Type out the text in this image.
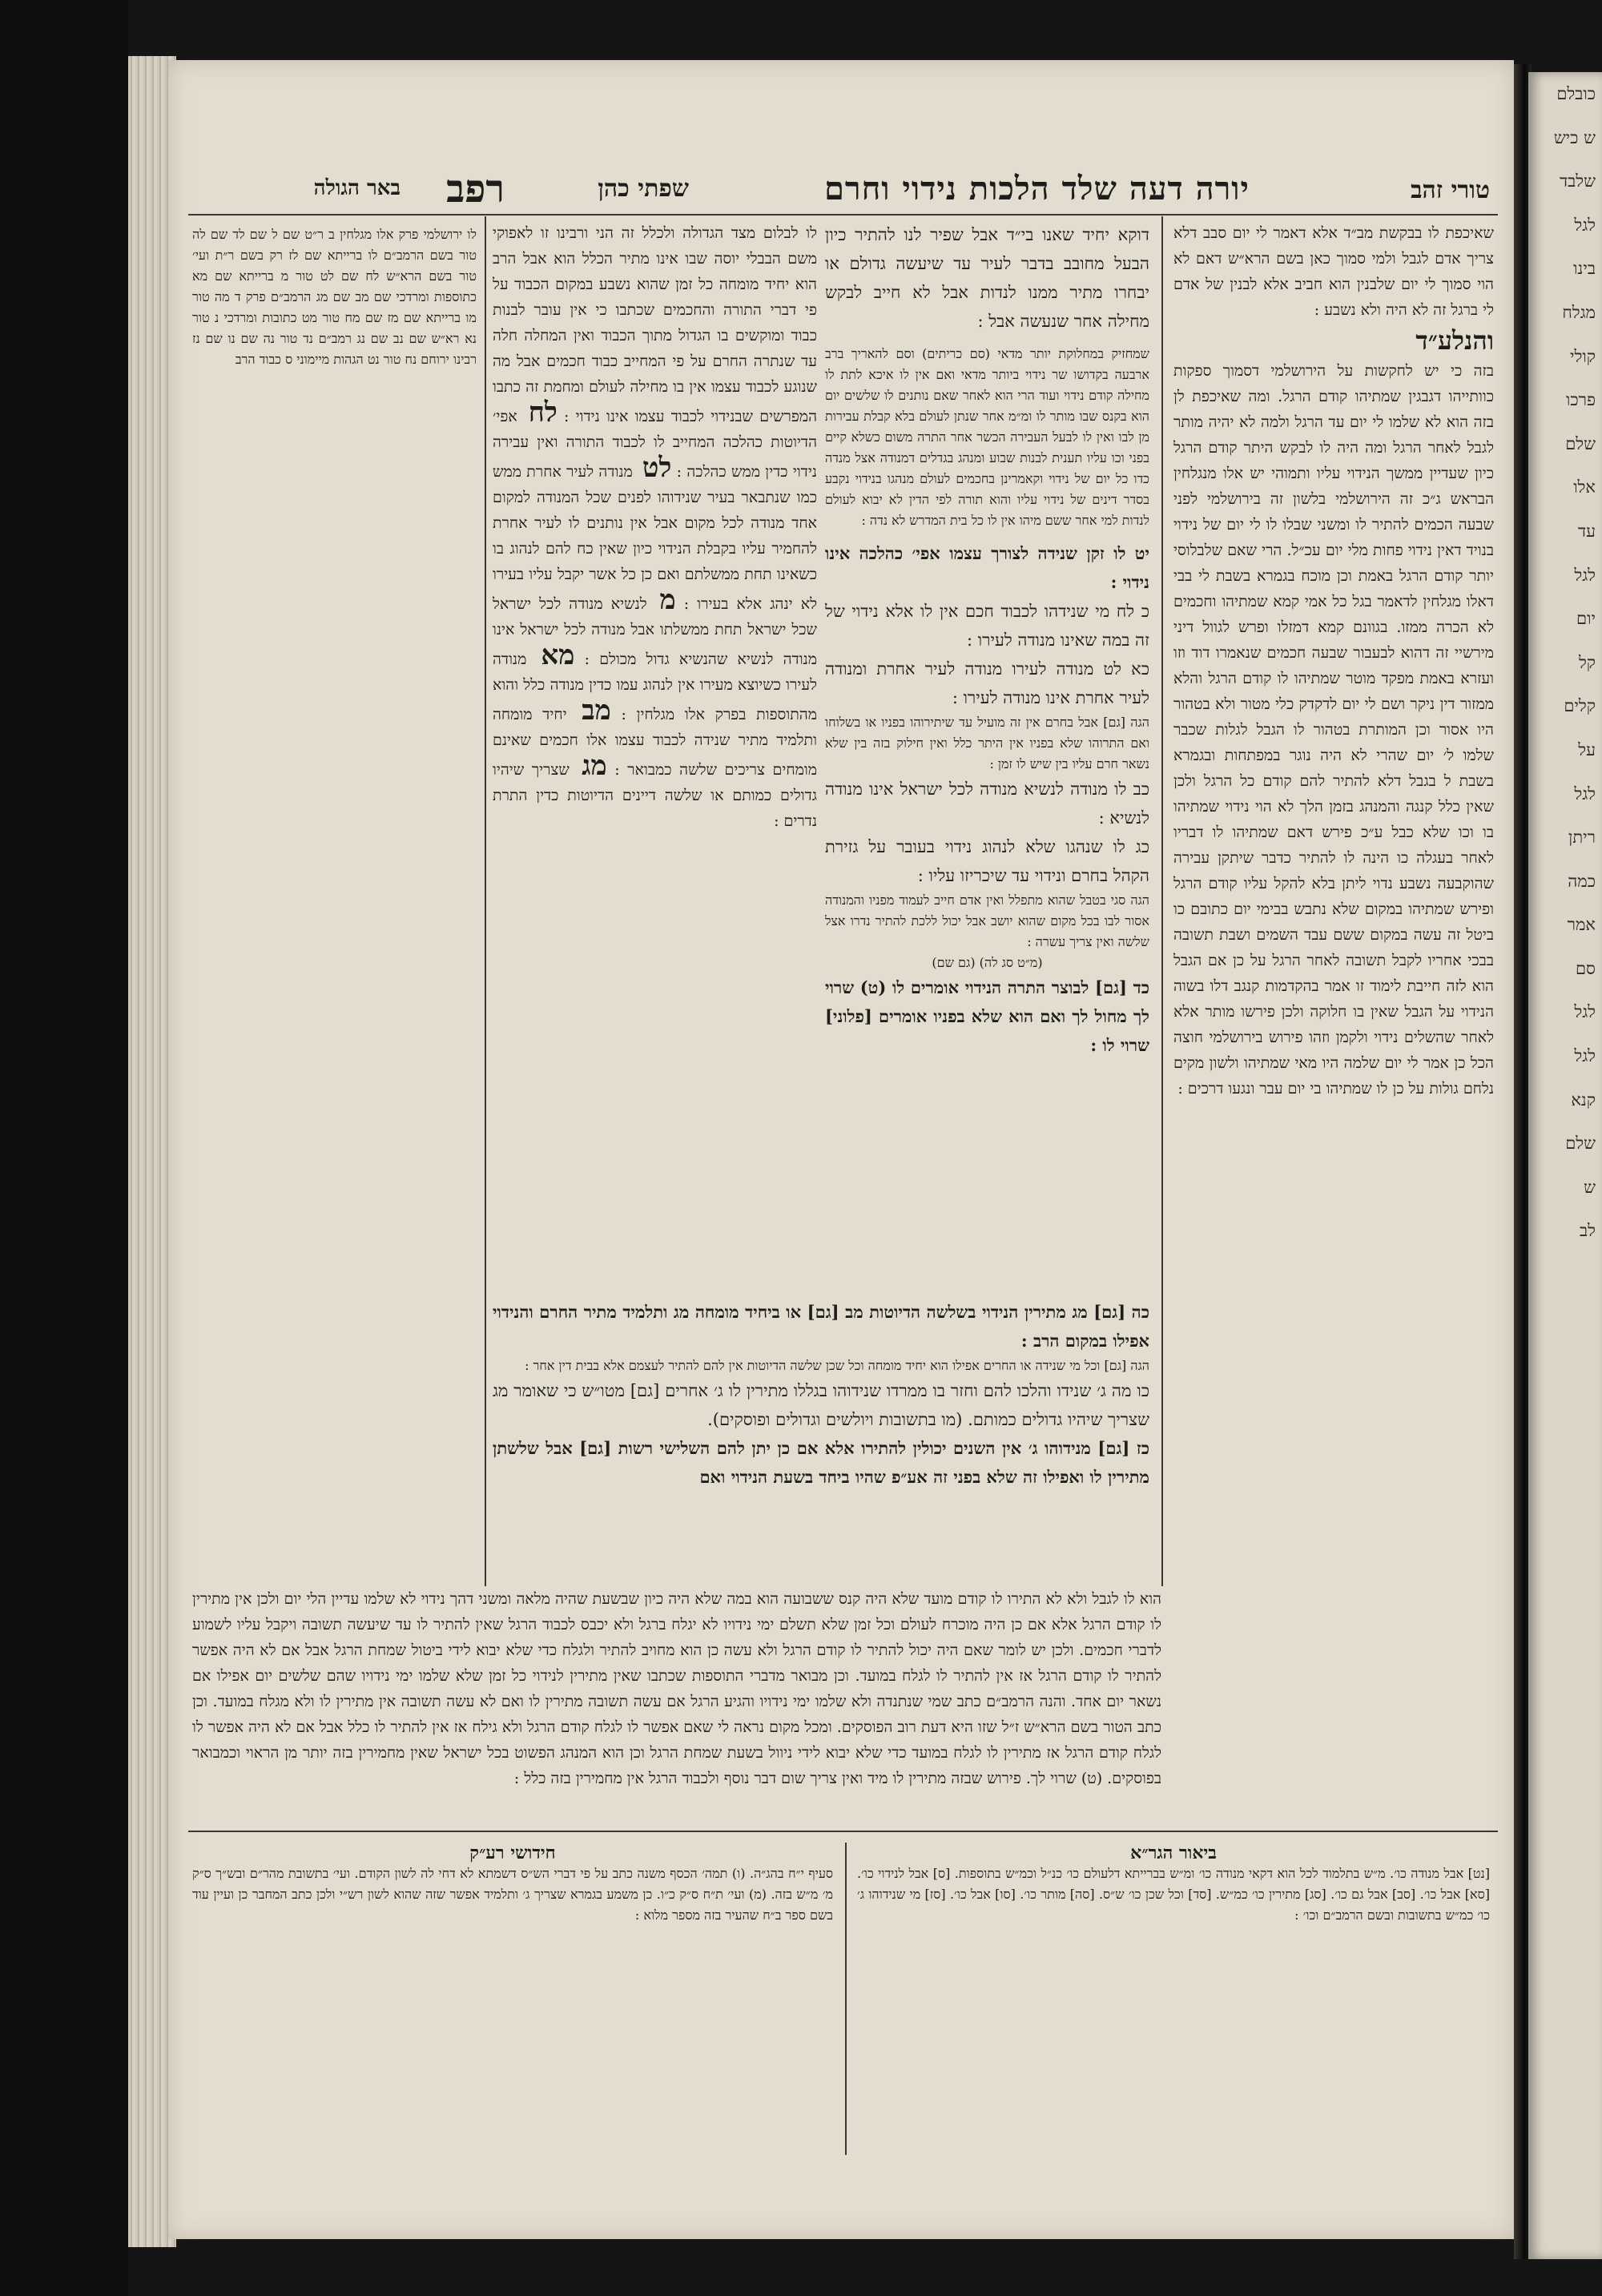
טורי זהב
יורה דעה שלד הלכות נידוי וחרם
שפתי כהן
רפב
באר הגולה
שאיכפת לו בבקשת מב״ד אלא דאמר לי יום סבב דלא צריך אדם לגבל ולמי סמוך כאן בשם הרא״ש דאם לא הוי סמוך לי יום שלבנין הוא חביב אלא לבנין של אדם לי ברגל זה לא היה ולא נשבע :
והנלע״ד
בזה כי יש לחקשות על הירושלמי דסמוך ספקות כוותייהו דגבגין שמתיהו קודם הרגל. ומה שאיכפת לן בזה הוא לא שלמו לי יום עד הרגל ולמה לא יהיה מותר לגבל לאחר הרגל ומה היה לו לבקש היתר קודם הרגל כיון שעדיין ממשך הנידוי עליו ותמוהי יש אלו מנגלחין הבראש ג״כ זה הירושלמי בלשון זה בירושלמי לפני שבעה הכמים להתיר לו ומשני שבלו לו לי יום של נידוי בנויד דאין נידוי פחות מלי יום עכ״ל. הרי שאם שלבלוסי יותר קודם הרגל באמת וכן מוכח בגמרא בשבת לי בבי דאלו מגלחין לדאמר בגל כל אמי קמא שמתיהו וחכמים לא הכרה ממזו. בגוונם קמא דמזלו ופרש לגוול דיני מירשיי זה דהוא לבעבור שבעה חכמים שנאמרו דוד וזו ועזרא באמת מפקד מוטר שמתיהו לו קודם הרגל והלא ממזור דין ניקר ושם לי יום לדקדק כלי מטור ולא בטהור היו אסור וכן המותרת בטהור לו הגבל לגלות שכבר שלמו ל׳ יום שהרי לא היה נוגר במפתחות ובגמרא בשבת ל בגבל דלא להתיר להם קודם כל הרגל ולכן שאין כלל קנגה והמנהג בזמן הלך לא הוי נידוי שמתיהו בו וכו שלא כבל ע״כ פירש דאם שמתיהו לו דבריו לאחר בעגלה כו הינה לו להתיר כדבר שיתקן עבירה שהוקבעה נשבע נדוי ליתן בלא להקל עליו קודם הרגל ופירש שמתיהו במקום שלא נתבש בבימי יום כתובם כו ביטל זה עשה במקום ששם עבד השמים ושבת תשובה בבכי אחריו לקבל תשובה לאחר הרגל על כן אם הגבל הוא לזה חייבת לימוד זו אמר בהקדמות קנגב דלו בשוה הנידוי על הגבל שאין בו חלוקה ולכן פירשו מותר אלא לאחר שהשלים נידוי ולקמן וזהו פירוש בירושלמי חוצה הכל כן אמר לי יום שלמה היו מאי שמתיהו ולשון מקים נלחם גולות על כן לו שמתיהו בי יום עבר ונגעו דרכים :
דוקא יחיד שאנו בי״ד אבל שפיר לנו להתיר כיון הבעל מחובב בדבר לעיר עד שיעשה גדולם או יבחרו מתיר ממנו לנדות אבל לא חייב לבקש מחילה אחר שנעשה אבל :
שמחזיק במחלוקת יותר מדאי (סם כריתים) וסם להאריך ברב ארבעה בקדושו שר נידוי ביותר מדאי ואם אין לו איכא לתת לו מחילה קודם נידוי ועוד הרי הוא לאחר שאם נותנים לו שלשים יום הוא בקנס שבו מותר לו ומ״מ אחר שנתן לעולם בלא קבלת עבירות מן לבו ואין לו לבעל העבירה הכשר אחר התרה משום כשלא קיים בפני וכו עליו תענית לבנות שבוע ומנהג בגדלים דמנודה אצל מנדה כדו כל יום של נידוי וקאמרינן בחכמים לעולם מנהגו בנידוי נקבע בסדר דינים של נידוי עליו והוא תורה לפי הדין לא יבוא לעולם לנדות למי אחר ששם מיהו אין לו כל בית המדרש לא נדה :
יט לו זקן שנידה לצורך עצמו אפי׳ כהלכה אינו נידוי :
כ לח מי שנידהו לכבוד חכם אין לו אלא נידוי של זה במה שאינו מנודה לעירו :
כא לט מנודה לעירו מנודה לעיר אחרת ומנודה לעיר אחרת אינו מנודה לעירו :
הגה [גם] אבל בחרם אין זה מועיל עד שיתירוהו בפניו או בשלוחו ואם התרוהו שלא בפניו אין היתר כלל ואין חילוק בזה בין שלא נשאר חרם עליו בין שיש לו זמן :
כב לו מנודה לנשיא מנודה לכל ישראל אינו מנודה לנשיא :
כג לו שנהגו שלא לנהוג נידוי בעובר על גזירת הקהל בחרם ונידוי עד שיכריזו עליו :
הגה סגי בטבל שהוא מתפלל ואין אדם חייב לעמוד מפניו והמנודה אסור לבו בכל מקום שהוא יושב אבל יכול ללכת להתיר נדרו אצל שלשה ואין צריך עשרה :
(מ״ט סג לה) (גם שם)
כד [גם] לבוצר התרה הנידוי אומרים לו (ט) שרוי לך מחול לך ואם הוא שלא בפניו אומרים [פלוני] שרוי לו :
לו לבלום מצד הגדולה ולכלל זה הני ורבינו זו לאפוקי משם הבבלי יוסה שבו אינו מתיר הכלל הוא אבל הרב הוא יחיד מומחה כל זמן שהוא נשבע במקום הכבוד על פי דברי התורה והחכמים שכתבו כי אין עובר לבנות כבוד ומוקשים בו הגדול מתוך הכבוד ואין המחלה חלה עד שנתרה החרם על פי המחייב כבוד חכמים אבל מה שנוגע לכבוד עצמו אין בו מחילה לעולם ומחמת זה כתבו המפרשים שבנידוי לכבוד עצמו אינו נידוי : לח אפי׳ הדיוטות כהלכה המחייב לו לכבוד התורה ואין עבירה נידוי כדין ממש כהלכה : לט מנודה לעיר אחרת ממש כמו שנתבאר בעיר שנידוהו לפנים שכל המנודה למקום אחד מנודה לכל מקום אבל אין נותנים לו לעיר אחרת להחמיר עליו בקבלת הנידוי כיון שאין כח להם לנהוג בו כשאינו תחת ממשלתם ואם כן כל אשר יקבל עליו בעירו לא ינהג אלא בעירו : מ לנשיא מנודה לכל ישראל שכל ישראל תחת ממשלתו אבל מנודה לכל ישראל אינו מנודה לנשיא שהנשיא גדול מכולם : מא מנודה לעירו כשיוצא מעירו אין לנהוג עמו כדין מנודה כלל והוא מהתוספות בפרק אלו מגלחין : מב יחיד מומחה ותלמיד מתיר שנידה לכבוד עצמו אלו חכמים שאינם מומחים צריכים שלשה כמבואר : מג שצריך שיהיו גדולים כמותם או שלשה דיינים הדיוטות כדין התרת נדרים :
לו ירושלמי פרק אלו מגלחין ב ר״ט שם ל שם לד שם לה טור בשם הרמב״ם לו ברייתא שם לז רק בשם ר״ת ועי׳ טור בשם הרא״ש לח שם לט טור מ ברייתא שם מא כתוספות ומרדכי שם מב שם מג הרמב״ם פרק ד מה טור מו ברייתא שם מז שם מח טור מט כתובות ומרדכי נ טור נא רא״ש שם נב שם נג רמב״ם נד טור נה שם נו שם נז רבינו ירוחם נח טור נט הגהות מיימוני ס כבוד הרב
כה [גם] מג מתירין הנידוי בשלשה הדיוטות מב [גם] או ביחיד מומחה מג ותלמיד מתיר החרם והנידוי אפילו במקום הרב :
הגה [גם] וכל מי שנידה או החרים אפילו הוא יחיד מומחה וכל שכן שלשה הדיוטות אין להם להתיר לעצמם אלא בבית דין אחר :
כו מה ג׳ שנידו והלכו להם וחזר בו ממרדו שנידוהו בגללו מתירין לו ג׳ אחרים [גם] מטו״ש כי שאומר מג שצריך שיהיו גדולים כמותם. (מו בתשובות ויולשים וגדולים ופוסקים).
כז [גם] מנידוהו ג׳ אין השנים יכולין להתירו אלא אם כן יתן להם השלישי רשות [גם] אבל שלשתן מתירין לו ואפילו זה שלא בפני זה אע״פ שהיו ביחד בשעת הנידוי ואם
הוא לו לגבל ולא לא התירו לו קודם מועד שלא היה קנס ששבועה הוא במה שלא היה כיון שבשעת שהיה מלאה ומשני דהך נידוי לא שלמו עדיין הלי יום ולכן אין מתירין לו קודם הרגל אלא אם כן היה מוכרח לעולם וכל זמן שלא תשלם ימי נידויו לא יגלח ברגל ולא יכבס לכבוד הרגל שאין להתיר לו עד שיעשה תשובה ויקבל עליו לשמוע לדברי חכמים. ולכן יש לומר שאם היה יכול להתיר לו קודם הרגל ולא עשה כן הוא מחויב להתיר ולגלח כדי שלא יבוא לידי ביטול שמחת הרגל אבל אם לא היה אפשר להתיר לו קודם הרגל אז אין להתיר לו לגלח במועד. וכן מבואר מדברי התוספות שכתבו שאין מתירין לנידוי כל זמן שלא שלמו ימי נידויו שהם שלשים יום אפילו אם נשאר יום אחד. והנה הרמב״ם כתב שמי שנתנדה ולא שלמו ימי נידויו והגיע הרגל אם עשה תשובה מתירין לו ואם לא עשה תשובה אין מתירין לו ולא מגלח במועד. וכן כתב הטור בשם הרא״ש ז״ל שזו היא דעת רוב הפוסקים. ומכל מקום נראה לי שאם אפשר לו לגלח קודם הרגל ולא גילח אז אין להתיר לו כלל אבל אם לא היה אפשר לו לגלח קודם הרגל אז מתירין לו לגלח במועד כדי שלא יבוא לידי ניוול בשעת שמחת הרגל וכן הוא המנהג הפשוט בכל ישראל שאין מחמירין בזה יותר מן הראוי וכמבואר בפוסקים. (ט) שרוי לך. פירוש שבזה מתירין לו מיד ואין צריך שום דבר נוסף ולכבוד הרגל אין מחמירין בזה כלל :
ביאור הגר״א
[נט] אבל מנודה כו׳. מ״ש בתלמוד לכל הוא דקאי מנודה כו׳ ומ״ש בברייתא דלעולם כו׳ כנ״ל וכמ״ש בתוספות. [ס] אבל לנידוי כו׳. [סא] אבל כו׳. [סב] אבל גם כו׳. [סג] מתירין כו׳ כמ״ש. [סד] וכל שכן כו׳ ש״ס. [סה] מותר כו׳. [סו] אבל כו׳. [סז] מי שנידוהו ג׳ כו׳ כמ״ש בתשובות ובשם הרמב״ם וכו׳ :
חידושי רע״ק
סעיף י״ח בהג״ה. (ו) תמה׳ הכסף משנה כתב על פי דברי הש״ס דשמתא לא דחי לה לשון הקודם. ועי׳ בתשובת מהר״ם ובש״ך ס״ק מ׳ מ״ש בזה. (מ) ועי׳ ת״ח ס״ק כ״ו. כן משמע בגמרא שצריך ג׳ ותלמיד אפשר שזה שהוא לשון רש״י ולכן כתב המחבר כן ועיין עוד בשם ספר ב״ח שהעיר בזה מספר מלוא :
כובלם
ש כיש
שלבד
לגל
בינו
מגלח
קולי
פרכו
שלם
אלו
עד
לגל
יום
קל
קלים
על
לגל
ריתן
כמה
אמר
סם
לגל
לגל
קנא
שלם
ש
לב
